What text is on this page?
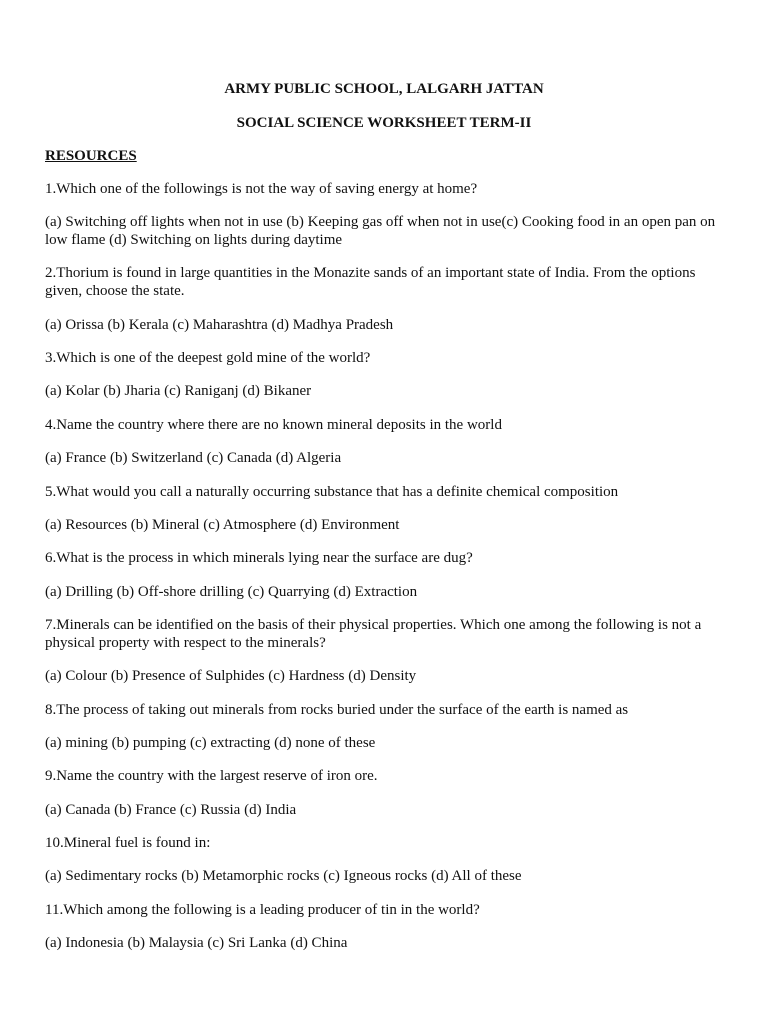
ARMY PUBLIC SCHOOL, LALGARH JATTAN
SOCIAL SCIENCE WORKSHEET TERM-II
RESOURCES
1.Which one of the followings is not the way of saving energy at home?
(a) Switching off lights when not in use (b) Keeping gas off when not in use(c) Cooking food in an open pan on low flame (d) Switching on lights during daytime
2.Thorium is found in large quantities in the Monazite sands of an important state of India. From the options given, choose the state.
(a) Orissa (b) Kerala (c) Maharashtra (d) Madhya Pradesh
3.Which is one of the deepest gold mine of the world?
(a) Kolar (b) Jharia (c) Raniganj (d) Bikaner
4.Name the country where there are no known mineral deposits in the world
(a) France (b) Switzerland (c) Canada (d) Algeria
5.What would you call a naturally occurring substance that has a definite chemical composition
(a) Resources (b) Mineral (c) Atmosphere (d) Environment
6.What is the process in which minerals lying near the surface are dug?
(a) Drilling (b) Off-shore drilling (c) Quarrying (d) Extraction
7.Minerals can be identified on the basis of their physical properties. Which one among the following is not a physical property with respect to the minerals?
(a) Colour (b) Presence of Sulphides (c) Hardness (d) Density
8.The process of taking out minerals from rocks buried under the surface of the earth is named as
(a) mining (b) pumping (c) extracting (d) none of these
9.Name the country with the largest reserve of iron ore.
(a) Canada (b) France (c) Russia (d) India
10.Mineral fuel is found in:
(a) Sedimentary rocks (b) Metamorphic rocks (c) Igneous rocks (d) All of these
11.Which among the following is a leading producer of tin in the world?
(a) Indonesia (b) Malaysia (c) Sri Lanka (d) China
